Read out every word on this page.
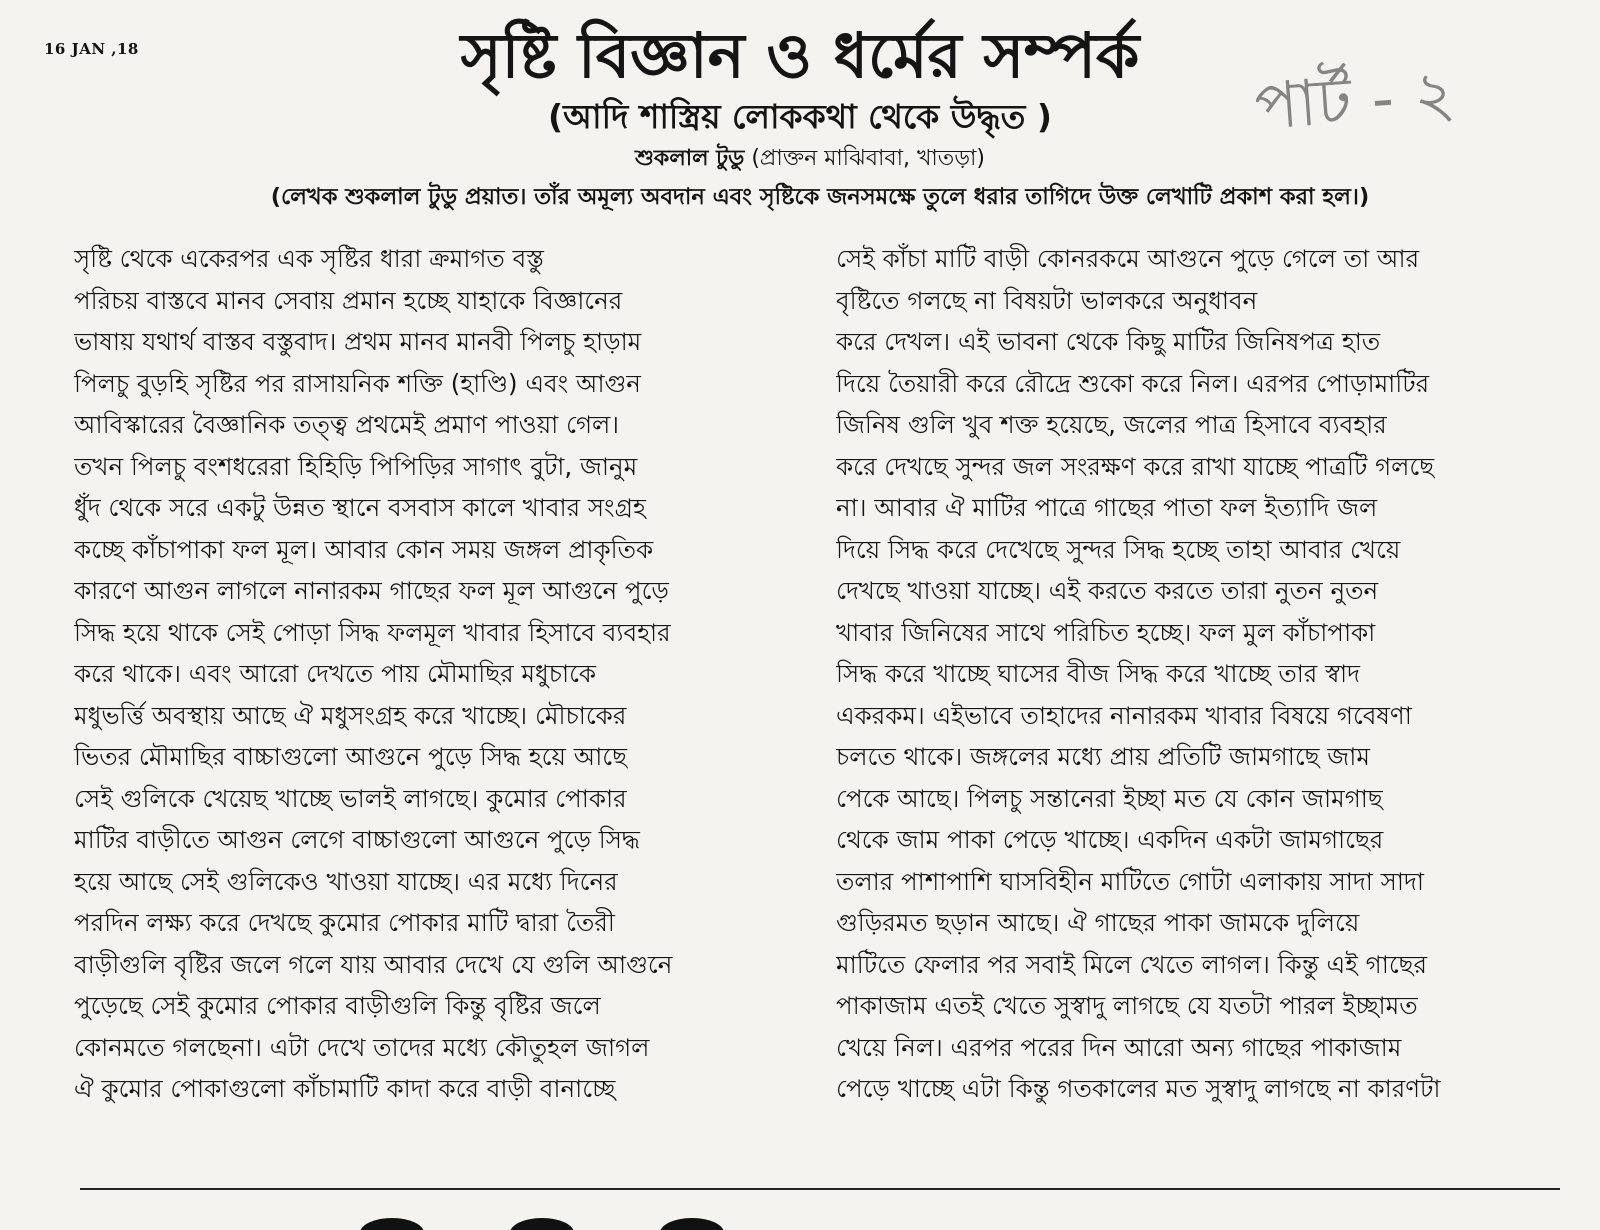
16 JAN ,18
পার্ট - ২
সৃষ্টি বিজ্ঞান ও ধর্মের সম্পর্ক
(আদি শাস্ত্রিয় লোককথা থেকে উদ্ধৃত )
শুকলাল টুডু (প্রাক্তন মাঝিবাবা, খাতড়া)
(লেখক শুকলাল টুডু প্রয়াত। তাঁর অমূল্য অবদান এবং সৃষ্টিকে জনসমক্ষে তুলে ধরার তাগিদে উক্ত লেখাটি প্রকাশ করা হল।)
সৃষ্টি থেকে একেরপর এক সৃষ্টির ধারা ক্রমাগত বস্তু
পরিচয় বাস্তবে মানব সেবায় প্রমান হচ্ছে যাহাকে বিজ্ঞানের
ভাষায় যথার্থ বাস্তব বস্তুবাদ। প্রথম মানব মানবী পিলচু হাড়াম
পিলচু বুড়হি সৃষ্টির পর রাসায়নিক শক্তি (হাণ্ডি) এবং আগুন
আবিস্কারের বৈজ্ঞানিক তত্ত্ব প্রথমেই প্রমাণ পাওয়া গেল।
তখন পিলচু বংশধরেরা হিহিড়ি পিপিড়ির সাগাৎ বুটা, জানুম
ধুঁদ থেকে সরে একটু উন্নত স্থানে বসবাস কালে খাবার সংগ্রহ
কচ্ছে কাঁচাপাকা ফল মূল। আবার কোন সময় জঙ্গল প্রাকৃতিক
কারণে আগুন লাগলে নানারকম গাছের ফল মূল আগুনে পুড়ে
সিদ্ধ হয়ে থাকে সেই পোড়া সিদ্ধ ফলমূল খাবার হিসাবে ব্যবহার
করে থাকে। এবং আরো দেখতে পায় মৌমাছির মধুচাকে
মধুভর্ত্তি অবস্থায় আছে ঐ মধুসংগ্রহ করে খাচ্ছে। মৌচাকের
ভিতর মৌমাছির বাচ্চাগুলো আগুনে পুড়ে সিদ্ধ হয়ে আছে
সেই গুলিকে খেয়েছ খাচ্ছে ভালই লাগছে। কুমোর পোকার
মাটির বাড়ীতে আগুন লেগে বাচ্চাগুলো আগুনে পুড়ে সিদ্ধ
হয়ে আছে সেই গুলিকেও খাওয়া যাচ্ছে। এর মধ্যে দিনের
পরদিন লক্ষ্য করে দেখছে কুমোর পোকার মাটি দ্বারা তৈরী
বাড়ীগুলি বৃষ্টির জলে গলে যায় আবার দেখে যে গুলি আগুনে
পুড়েছে সেই কুমোর পোকার বাড়ীগুলি কিন্তু বৃষ্টির জলে
কোনমতে গলছেনা। এটা দেখে তাদের মধ্যে কৌতুহল জাগল
ঐ কুমোর পোকাগুলো কাঁচামাটি কাদা করে বাড়ী বানাচ্ছে
সেই কাঁচা মাটি বাড়ী কোনরকমে আগুনে পুড়ে গেলে তা আর
বৃষ্টিতে গলছে না বিষয়টা ভালকরে অনুধাবন
করে দেখল। এই ভাবনা থেকে কিছু মাটির জিনিষপত্র হাত
দিয়ে তৈয়ারী করে রৌদ্রে শুকো করে নিল। এরপর পোড়ামাটির
জিনিষ গুলি খুব শক্ত হয়েছে, জলের পাত্র হিসাবে ব্যবহার
করে দেখছে সুন্দর জল সংরক্ষণ করে রাখা যাচ্ছে পাত্রটি গলছে
না। আবার ঐ মাটির পাত্রে গাছের পাতা ফল ইত্যাদি জল
দিয়ে সিদ্ধ করে দেখেছে সুন্দর সিদ্ধ হচ্ছে তাহা আবার খেয়ে
দেখছে খাওয়া যাচ্ছে। এই করতে করতে তারা নুতন নুতন
খাবার জিনিষের সাথে পরিচিত হচ্ছে। ফল মুল কাঁচাপাকা
সিদ্ধ করে খাচ্ছে ঘাসের বীজ সিদ্ধ করে খাচ্ছে তার স্বাদ
একরকম। এইভাবে তাহাদের নানারকম খাবার বিষয়ে গবেষণা
চলতে থাকে। জঙ্গলের মধ্যে প্রায় প্রতিটি জামগাছে জাম
পেকে আছে। পিলচু সন্তানেরা ইচ্ছা মত যে কোন জামগাছ
থেকে জাম পাকা পেড়ে খাচ্ছে। একদিন একটা জামগাছের
তলার পাশাপাশি ঘাসবিহীন মাটিতে গোটা এলাকায় সাদা সাদা
গুড়িরমত ছড়ান আছে। ঐ গাছের পাকা জামকে দুলিয়ে
মাটিতে ফেলার পর সবাই মিলে খেতে লাগল। কিন্তু এই গাছের
পাকাজাম এতই খেতে সুস্বাদু লাগছে যে যতটা পারল ইচ্ছামত
খেয়ে নিল। এরপর পরের দিন আরো অন্য গাছের পাকাজাম
পেড়ে খাচ্ছে এটা কিন্তু গতকালের মত সুস্বাদু লাগছে না কারণটা
